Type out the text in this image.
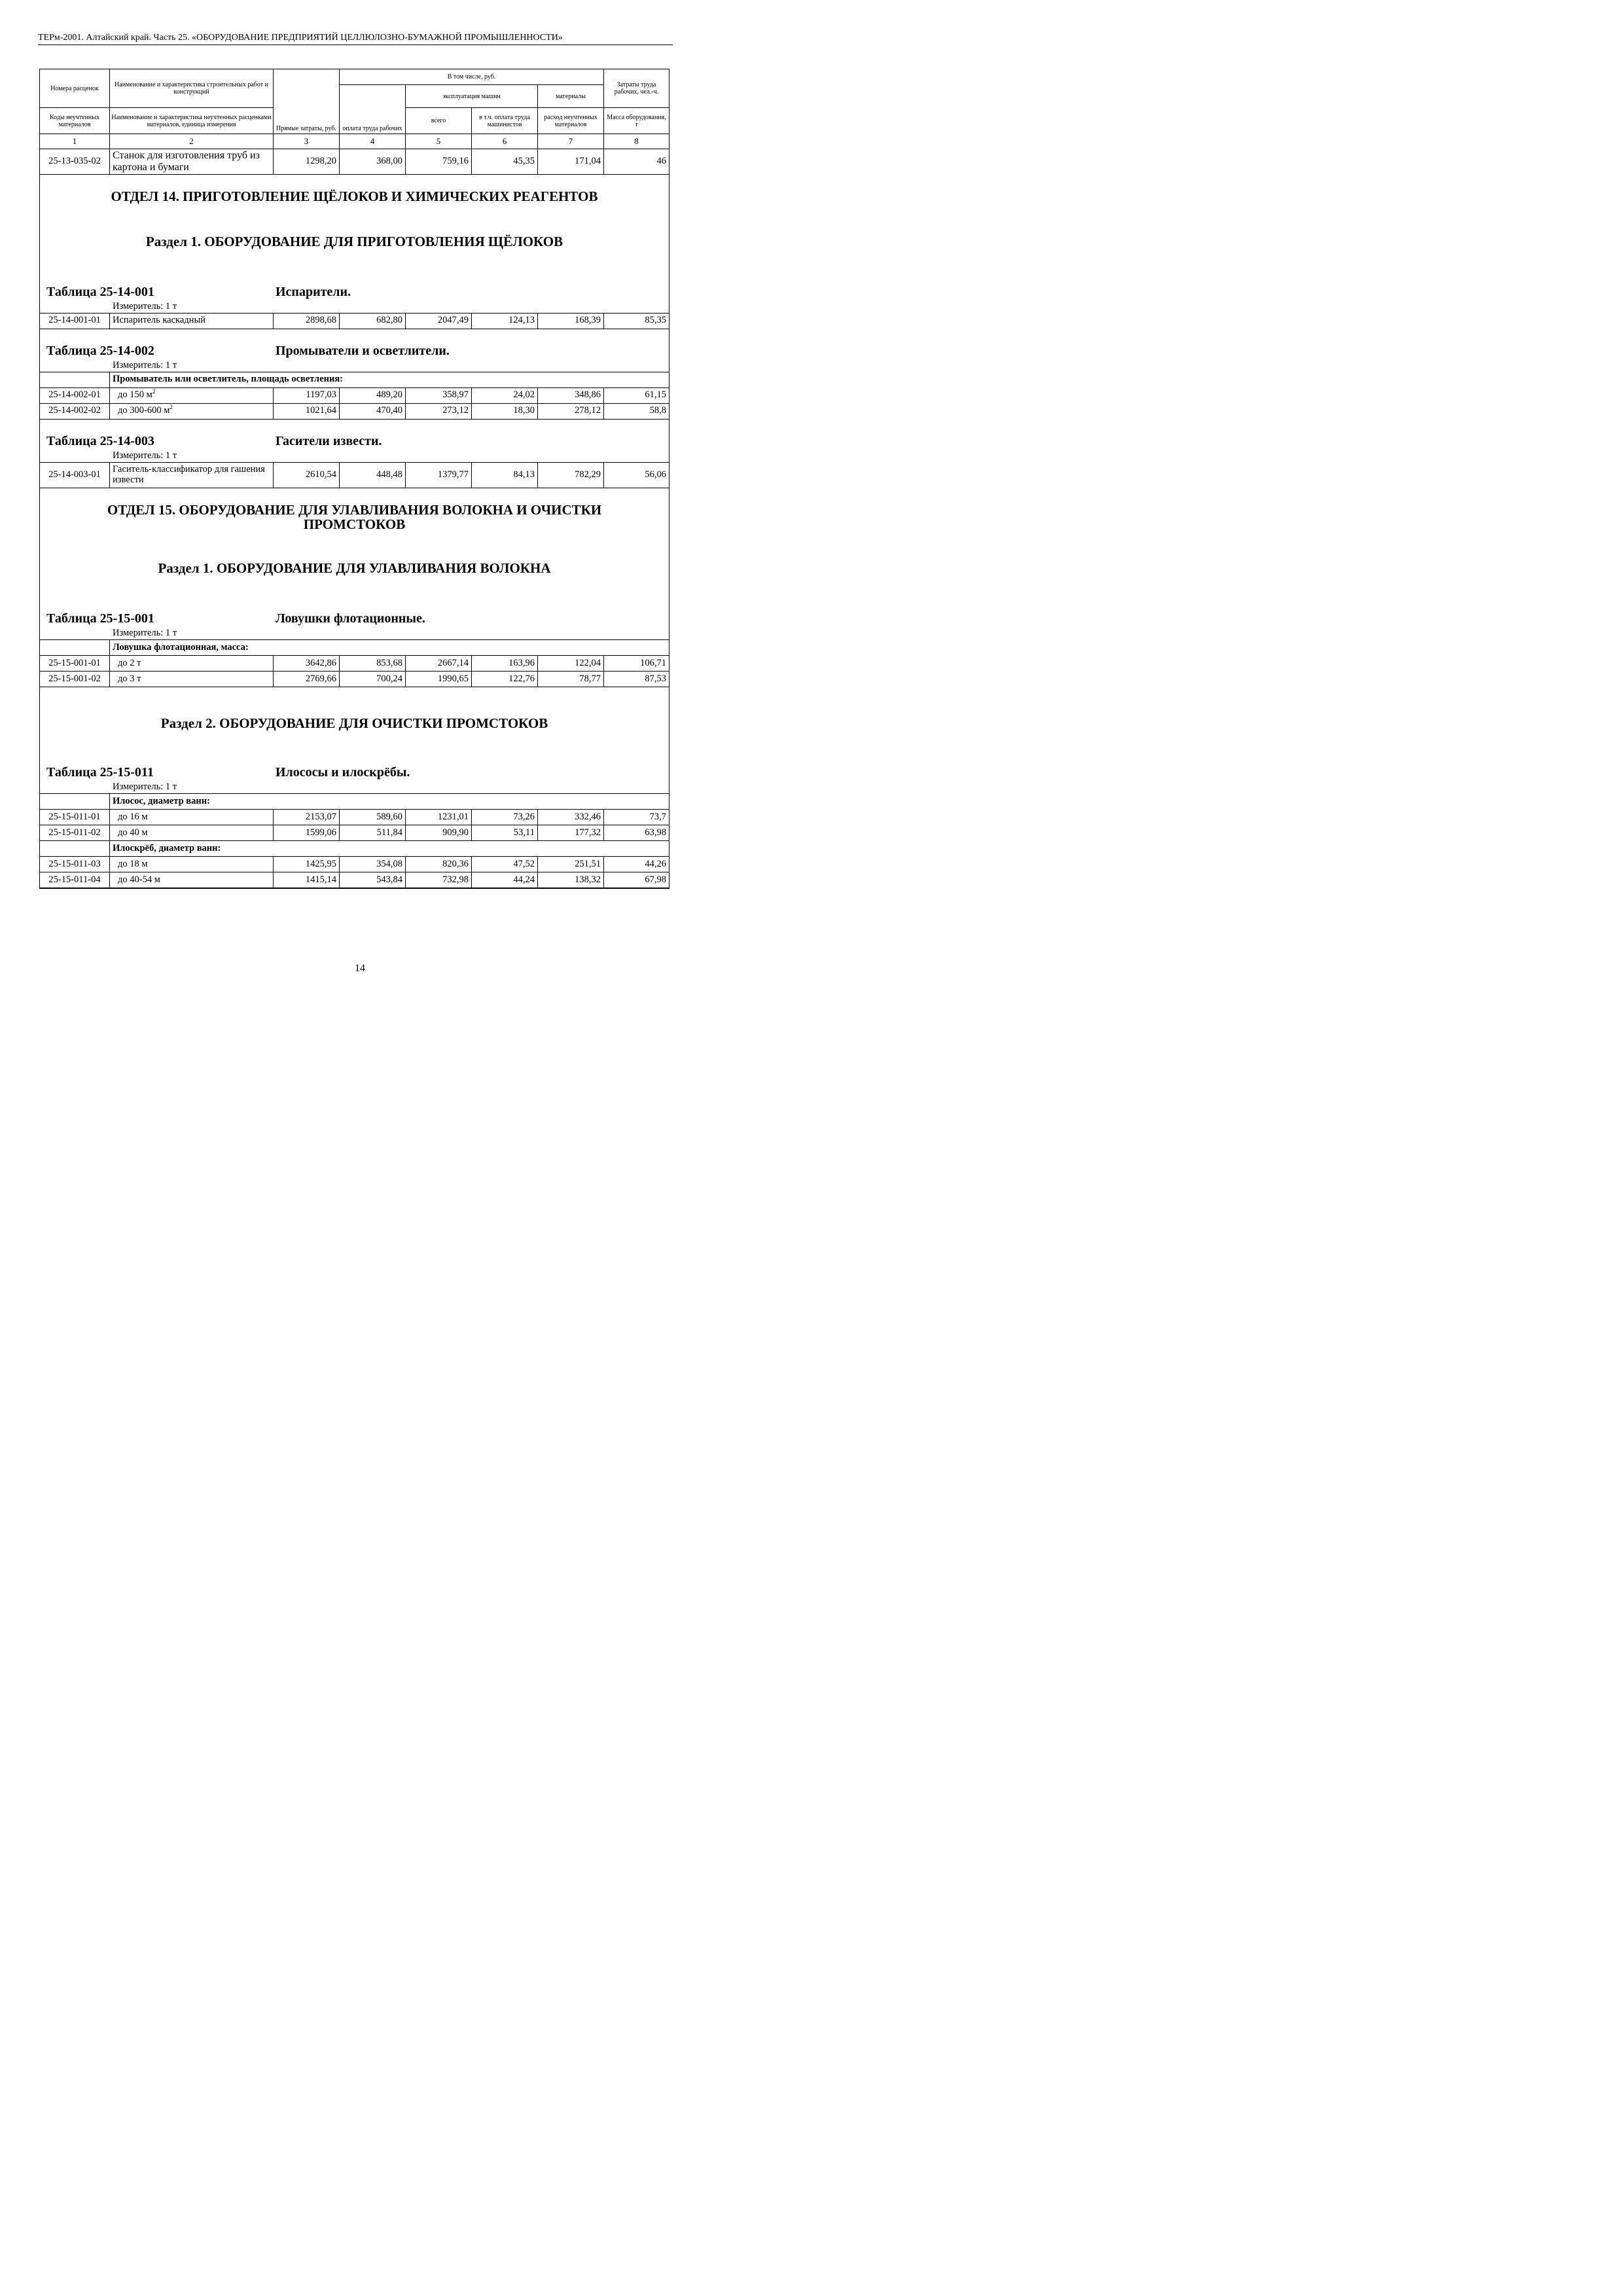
ТЕРм-2001. Алтайский край. Часть 25. «ОБОРУДОВАНИЕ ПРЕДПРИЯТИЙ ЦЕЛЛЮЛОЗНО-БУМАЖНОЙ ПРОМЫШЛЕННОСТИ»
Номера расценок	Наименование и характеристика строительных работ и конструкций	Прямые затраты, руб.	В том числе, руб.				Затраты труда рабочих, чел.-ч.
			оплата труда рабочих	эксплуатация машин		материалы	
Коды неучтенных материалов	Наименование и характеристика неучтенных расценками материалов, единица измерения			всего	в т.ч. оплата труда машинистов	расход неучтенных материалов	Масса оборудования, т

1	2	3	4	5	6	7	8
25-13-035-02	Станок для изготовления труб из картона и бумаги	1298,20	368,00	759,16	45,35	171,04	46

ОТДЕЛ 14. ПРИГОТОВЛЕНИЕ ЩЁЛОКОВ И ХИМИЧЕСКИХ РЕАГЕНТОВ
Раздел 1. ОБОРУДОВАНИЕ ДЛЯ ПРИГОТОВЛЕНИЯ ЩЁЛОКОВ
Таблица 25-14-001 Испарители.
Измеритель: 1 т							

25-14-001-01	Испаритель каскадный	2898,68	682,80	2047,49	124,13	168,39	85,35

Таблица 25-14-002 Промыватели и осветлители.
Измеритель: 1 т							

	Промыватель или осветлитель, площадь осветления:						
25-14-002-01	до 150 $м^2$	1197,03	489,20	358,97	24,02	348,86	61,15
25-14-002-02	до 300-600 $м^2$	1021,64	470,40	273,12	18,30	278,12	58,8

Таблица 25-14-003 Гасители извести.
Измеритель: 1 т							

25-14-003-01	Гаситель-классификатор для гашения извести	2610,54	448,48	1379,77	84,13	782,29	56,06

ОТДЕЛ 15. ОБОРУДОВАНИЕ ДЛЯ УЛАВЛИВАНИЯ ВОЛОКНА И ОЧИСТКИ ПРОМСТОКОВ
Раздел 1. ОБОРУДОВАНИЕ ДЛЯ УЛАВЛИВАНИЯ ВОЛОКНА
Таблица 25-15-001 Ловушки флотационные.
Измеритель: 1 т							

	Ловушка флотационная, масса:						
25-15-001-01	до 2 т	3642,86	853,68	2667,14	163,96	122,04	106,71
25-15-001-02	до 3 т	2769,66	700,24	1990,65	122,76	78,77	87,53

Раздел 2. ОБОРУДОВАНИЕ ДЛЯ ОЧИСТКИ ПРОМСТОКОВ
Таблица 25-15-011 Илососы и илоскрёбы.
Измеритель: 1 т							

	Илосос, диаметр ванн:						
25-15-011-01	до 16 м	2153,07	589,60	1231,01	73,26	332,46	73,7
25-15-011-02	до 40 м	1599,06	511,84	909,90	53,11	177,32	63,98
	Илоскрёб, диаметр ванн:						
25-15-011-03	до 18 м	1425,95	354,08	820,36	47,52	251,51	44,26
25-15-011-04	до 40-54 м	1415,14	543,84	732,98	44,24	138,32	67,98
14
